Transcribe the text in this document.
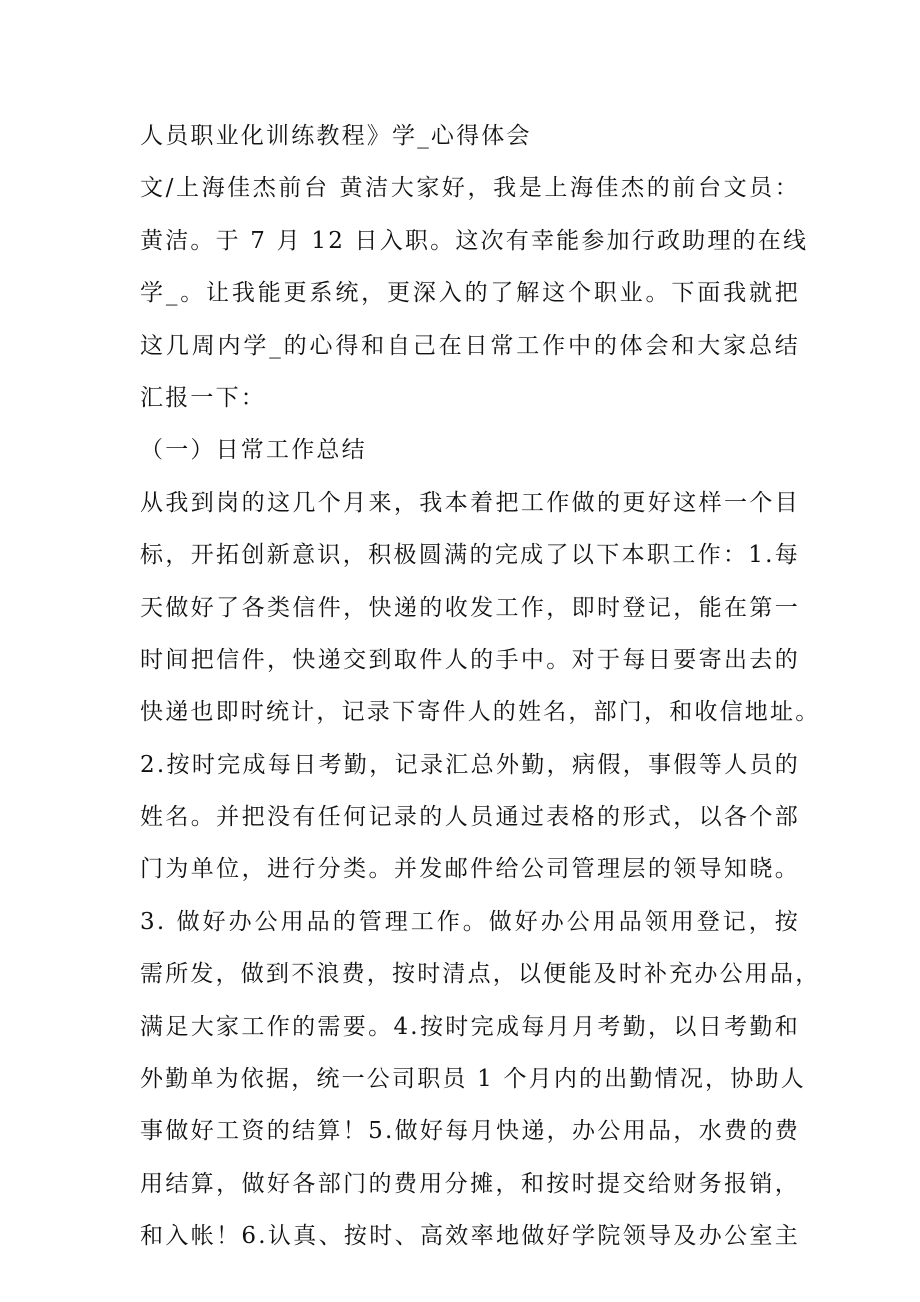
人员职业化训练教程》学_心得体会
文/上海佳杰前台 黄洁大家好，我是上海佳杰的前台文员：
黄洁。于 7 月 12 日入职。这次有幸能参加行政助理的在线
学_。让我能更系统，更深入的了解这个职业。下面我就把
这几周内学_的心得和自己在日常工作中的体会和大家总结
汇报一下：
（一）日常工作总结
从我到岗的这几个月来，我本着把工作做的更好这样一个目
标，开拓创新意识，积极圆满的完成了以下本职工作：1.每
天做好了各类信件，快递的收发工作，即时登记，能在第一
时间把信件，快递交到取件人的手中。对于每日要寄出去的
快递也即时统计，记录下寄件人的姓名，部门，和收信地址。
2.按时完成每日考勤，记录汇总外勤，病假，事假等人员的
姓名。并把没有任何记录的人员通过表格的形式，以各个部
门为单位，进行分类。并发邮件给公司管理层的领导知晓。
3. 做好办公用品的管理工作。做好办公用品领用登记，按
需所发，做到不浪费，按时清点，以便能及时补充办公用品，
满足大家工作的需要。4.按时完成每月月考勤，以日考勤和
外勤单为依据，统一公司职员 1 个月内的出勤情况，协助人
事做好工资的结算！5.做好每月快递，办公用品，水费的费
用结算，做好各部门的费用分摊，和按时提交给财务报销，
和入帐！6.认真、按时、高效率地做好学院领导及办公室主
